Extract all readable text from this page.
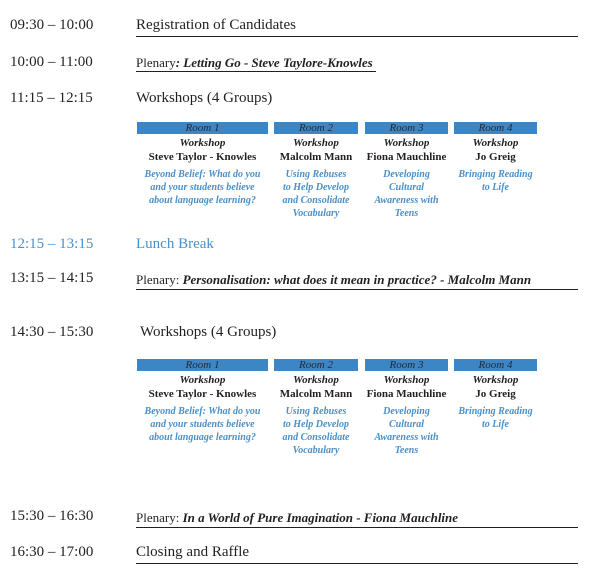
09:30 – 10:00	Registration of Candidates
10:00 – 11:00	Plenary: Letting Go - Steve Taylore-Knowles
11:15 – 12:15	Workshops (4 Groups)
Room 1
Workshop
Steve Taylor - Knowles
Beyond Belief: What do you
and your students believe
about language learning?
Room 2
Workshop
Malcolm Mann
Using Rebuses
to Help Develop
and Consolidate
Vocabulary
Room 3
Workshop
Fiona Mauchline
Developing
Cultural
Awareness with
Teens
Room 4
Workshop
Jo Greig
Bringing Reading
to Life
12:15 – 13:15	Lunch Break
13:15 – 14:15	Plenary: Personalisation: what does it mean in practice? - Malcolm Mann
14:30 – 15:30	Workshops (4 Groups)
Room 1
Workshop
Steve Taylor - Knowles
Beyond Belief: What do you
and your students believe
about language learning?
Room 2
Workshop
Malcolm Mann
Using Rebuses
to Help Develop
and Consolidate
Vocabulary
Room 3
Workshop
Fiona Mauchline
Developing
Cultural
Awareness with
Teens
Room 4
Workshop
Jo Greig
Bringing Reading
to Life
15:30 – 16:30	Plenary: In a World of Pure Imagination - Fiona Mauchline
16:30 – 17:00	Closing and Raffle
